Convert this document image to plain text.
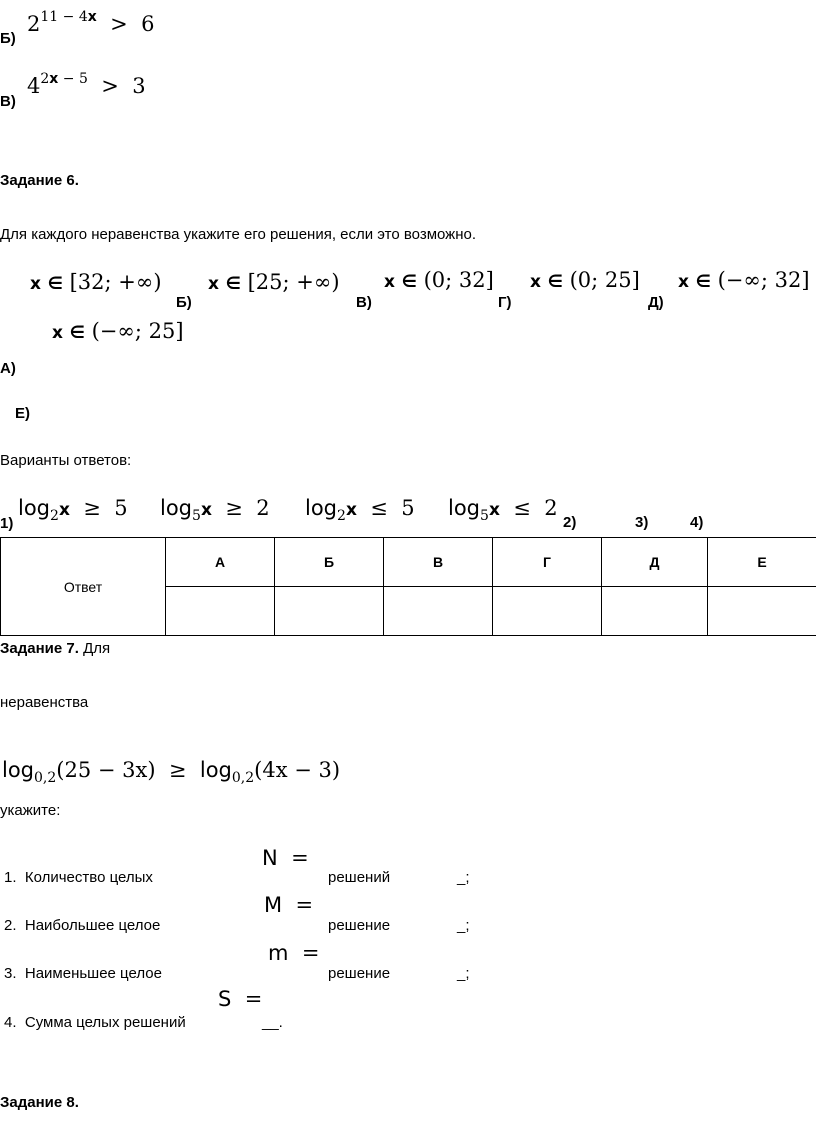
$2^{11 - 4x} > 6$
Б)
$4^{2x - 5} > 3$
В)
Задание 6.
Для каждого неравенства укажите его решения, если это возможно.
x ∈ [32; +∞)	x ∈ [25; +∞)	x ∈ (0; 32] x ∈ (0; 25] x ∈ (−∞; 32]
x ∈ (−∞; 25]
Б)	В)	Г)	Д)
А)
Е)
Варианты ответов:
$\log_2x \ge 5$ $\log_5x \ge 2$ $\log_2x \le 5$ $\log_5x \le 2$
1)	2)	3)	4)
Ответ	А	Б	В	Г	Д	Е

Задание 7. Для
неравенства
$\log_{0,2}(25 - 3x) \ge \log_{0,2}(4x - 3)$
укажите:
N =
1. Количество целых	решений	_;
M =
2. Наибольшее целое	решение	_;
m =
3. Наименьшее целое	решение	_;
S =
4. Сумма целых решений	__.
Задание 8.
